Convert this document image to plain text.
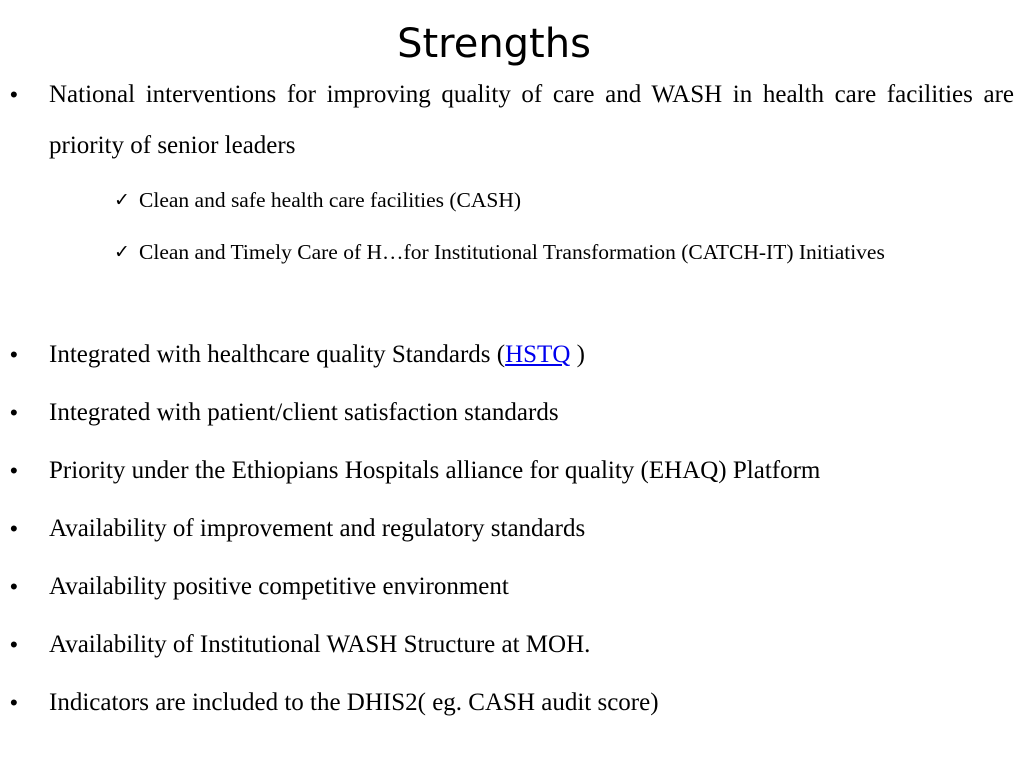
Strengths
• National interventions for improving quality of care and WASH in health care facilities are priority of senior leaders
✓ Clean and safe health care facilities (CASH)
✓ Clean and Timely Care of H…for Institutional Transformation (CATCH-IT) Initiatives
• Integrated with healthcare quality Standards (HSTQ )
• Integrated with patient/client satisfaction standards
• Priority under the Ethiopians Hospitals alliance for quality (EHAQ) Platform
• Availability of improvement and regulatory standards
• Availability positive competitive environment
• Availability of Institutional WASH Structure at MOH.
• Indicators are included to the DHIS2( eg. CASH audit score)
